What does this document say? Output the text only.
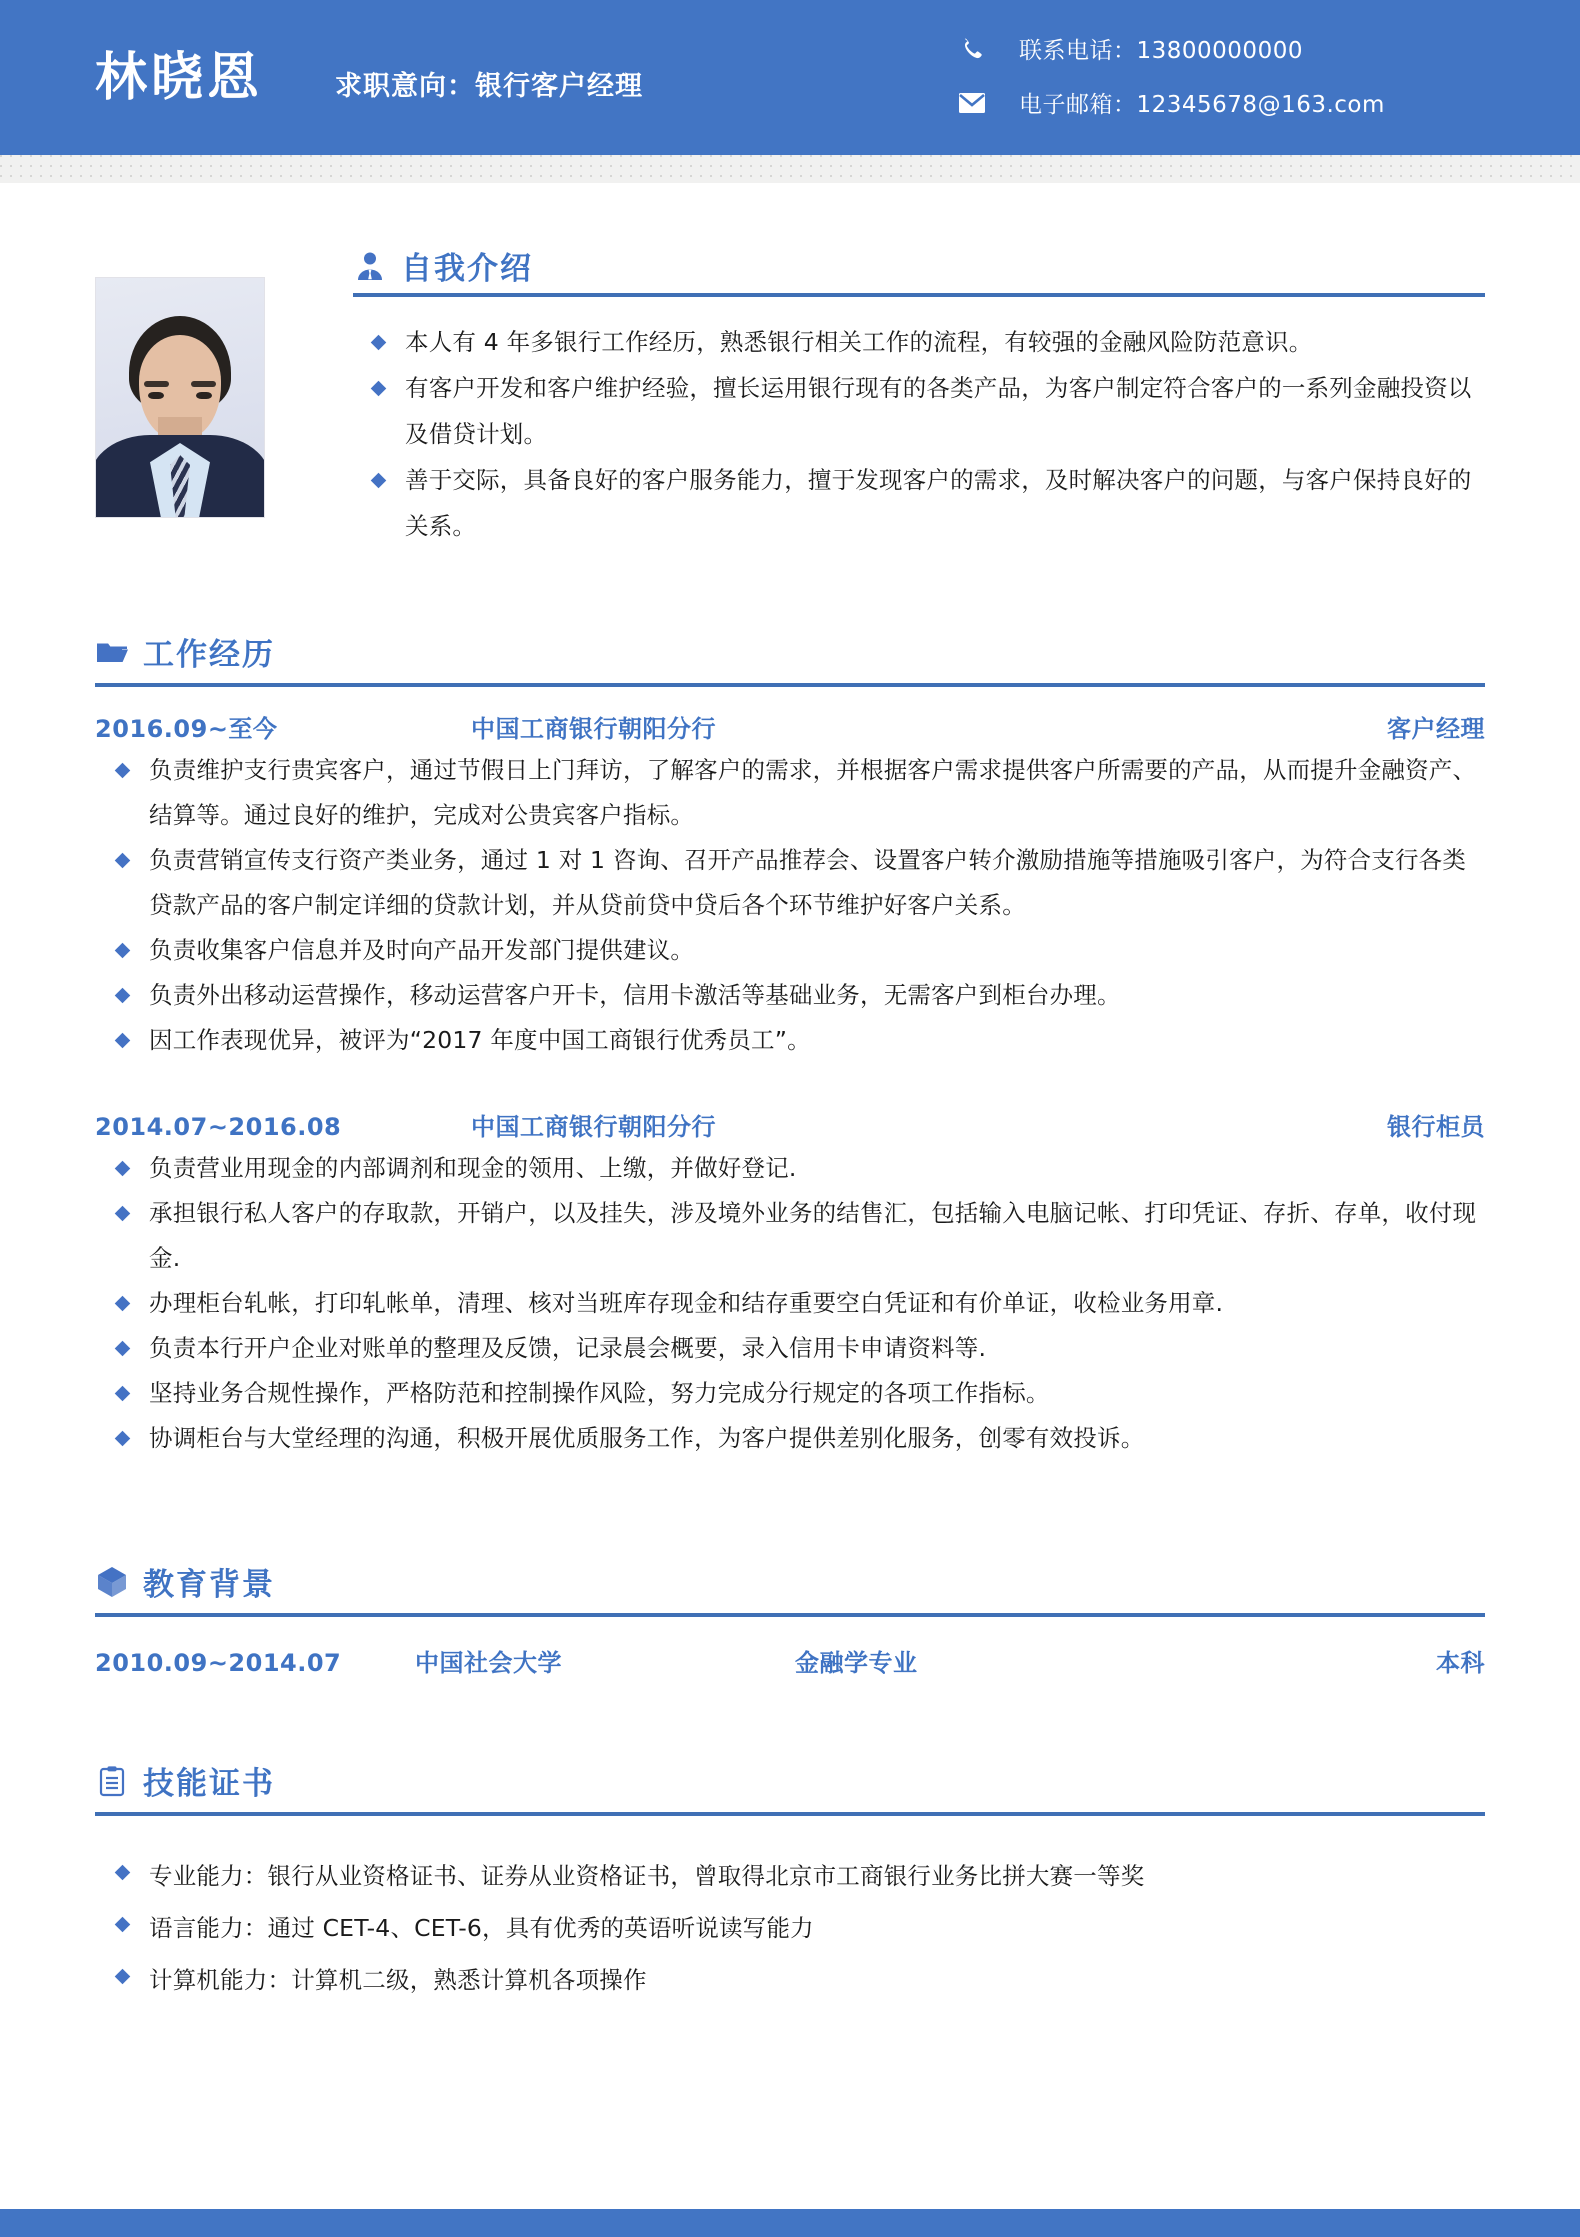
林晓恩	求职意向：银行客户经理
联系电话：13800000000
电子邮箱：12345678@163.com
自我介绍
本人有 4 年多银行工作经历，熟悉银行相关工作的流程，有较强的金融风险防范意识。
有客户开发和客户维护经验，擅长运用银行现有的各类产品，为客户制定符合客户的一系列金融投资以及借贷计划。
善于交际，具备良好的客户服务能力，擅于发现客户的需求，及时解决客户的问题，与客户保持良好的关系。
工作经历
2016.09~至今	中国工商银行朝阳分行	客户经理
负责维护支行贵宾客户，通过节假日上门拜访，了解客户的需求，并根据客户需求提供客户所需要的产品，从而提升金融资产、结算等。通过良好的维护，完成对公贵宾客户指标。
负责营销宣传支行资产类业务，通过 1 对 1 咨询、召开产品推荐会、设置客户转介激励措施等措施吸引客户，为符合支行各类贷款产品的客户制定详细的贷款计划，并从贷前贷中贷后各个环节维护好客户关系。
负责收集客户信息并及时向产品开发部门提供建议。
负责外出移动运营操作，移动运营客户开卡，信用卡激活等基础业务，无需客户到柜台办理。
因工作表现优异，被评为“2017 年度中国工商银行优秀员工”。
2014.07~2016.08	中国工商银行朝阳分行	银行柜员
负责营业用现金的内部调剂和现金的领用、上缴，并做好登记.
承担银行私人客户的存取款，开销户，以及挂失，涉及境外业务的结售汇，包括输入电脑记帐、打印凭证、存折、存单，收付现金.
办理柜台轧帐，打印轧帐单，清理、核对当班库存现金和结存重要空白凭证和有价单证，收检业务用章.
负责本行开户企业对账单的整理及反馈，记录晨会概要，录入信用卡申请资料等.
坚持业务合规性操作，严格防范和控制操作风险，努力完成分行规定的各项工作指标。
协调柜台与大堂经理的沟通，积极开展优质服务工作，为客户提供差别化服务，创零有效投诉。
教育背景
2010.09~2014.07	中国社会大学	金融学专业	本科
技能证书
专业能力：银行从业资格证书、证券从业资格证书，曾取得北京市工商银行业务比拼大赛一等奖
语言能力：通过 CET-4、CET-6，具有优秀的英语听说读写能力
计算机能力：计算机二级，熟悉计算机各项操作
